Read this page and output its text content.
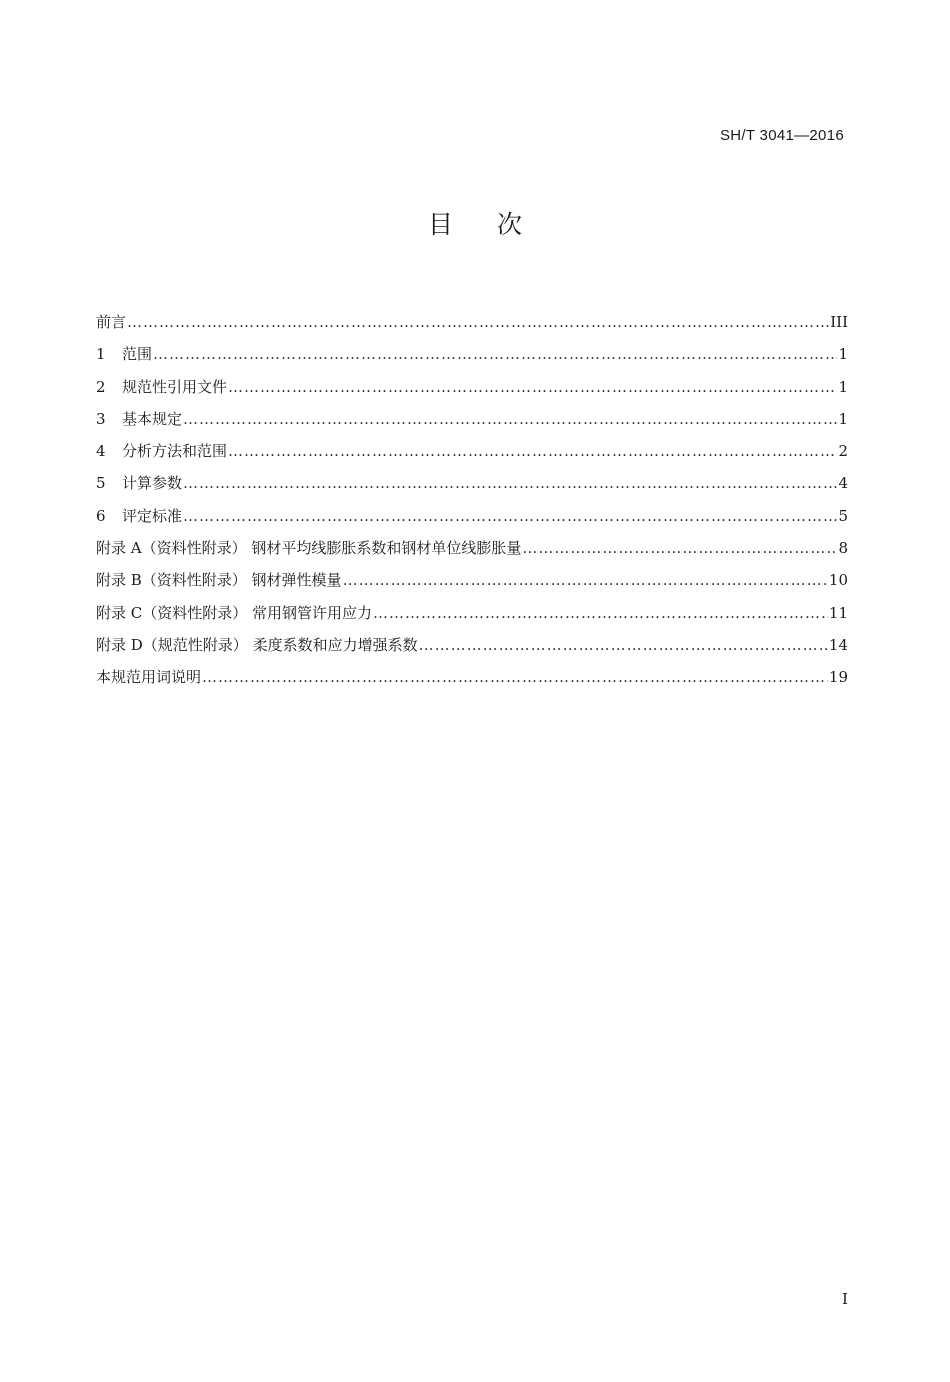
SH/T 3041—2016
目次
前言 …………………………………………………………………………………………………………………………………………………………………………………………………………………………………………	III
1	范围 …………………………………………………………………………………………………………………………………………………………………………………………………………………………………………	1
2	规范性引用文件 …………………………………………………………………………………………………………………………………………………………………………………………………………………………………………	1
3	基本规定 …………………………………………………………………………………………………………………………………………………………………………………………………………………………………………	1
4	分析方法和范围 …………………………………………………………………………………………………………………………………………………………………………………………………………………………………………	2
5	计算参数 …………………………………………………………………………………………………………………………………………………………………………………………………………………………………………	4
6	评定标准 …………………………………………………………………………………………………………………………………………………………………………………………………………………………………………	5
附录 A（资料性附录） 钢材平均线膨胀系数和钢材单位线膨胀量 …………………………………………………………………………………………………………………………………………………………………………………………………………………………………………	8
附录 B（资料性附录） 钢材弹性模量 …………………………………………………………………………………………………………………………………………………………………………………………………………………………………………	10
附录 C（资料性附录） 常用钢管许用应力 …………………………………………………………………………………………………………………………………………………………………………………………………………………………………………	11
附录 D（规范性附录） 柔度系数和应力增强系数 …………………………………………………………………………………………………………………………………………………………………………………………………………………………………………	14
本规范用词说明 …………………………………………………………………………………………………………………………………………………………………………………………………………………………………………	19
I
